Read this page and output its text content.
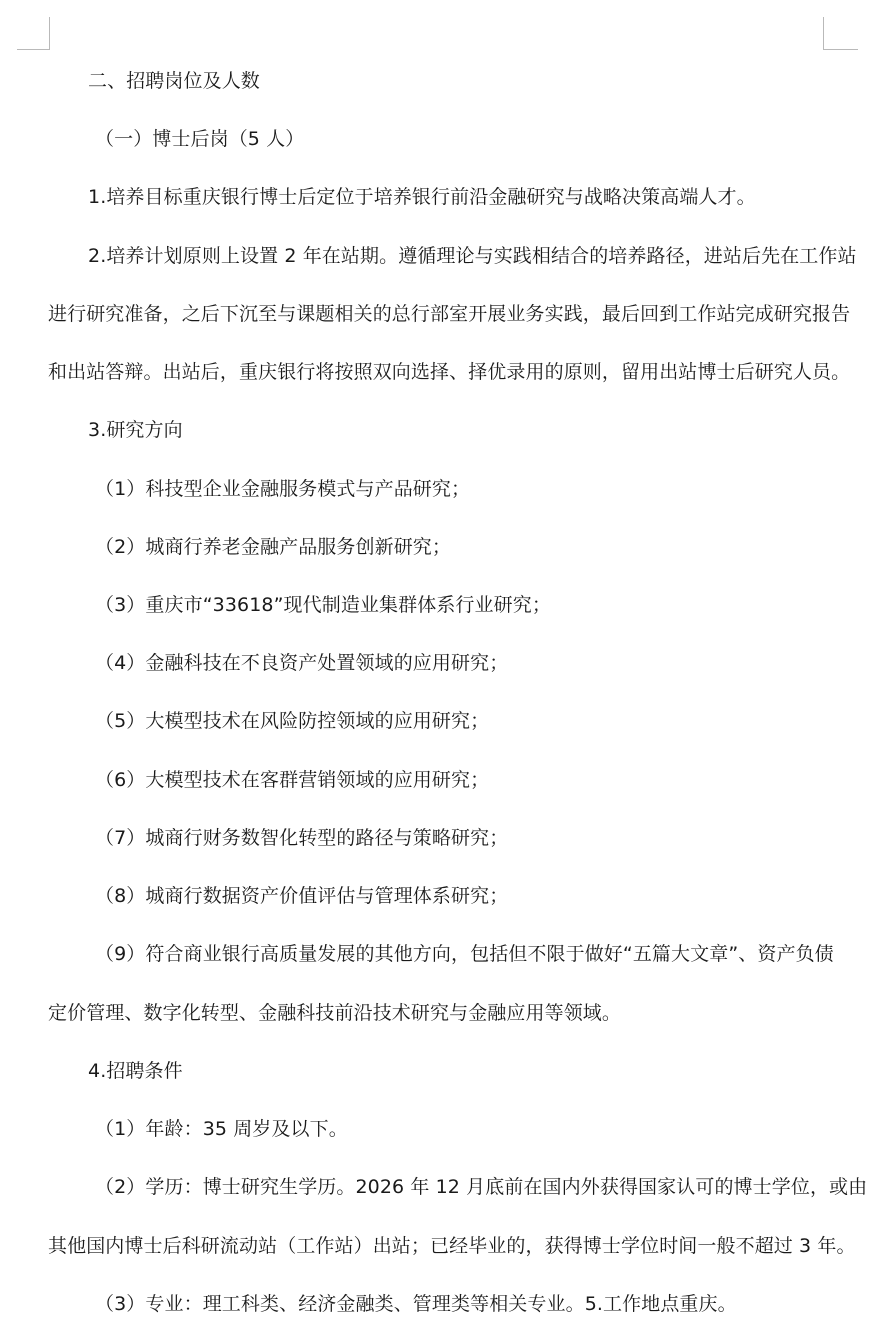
二、招聘岗位及人数
（一）博士后岗（5 人）
1.培养目标重庆银行博士后定位于培养银行前沿金融研究与战略决策高端人才。
2.培养计划原则上设置 2 年在站期。遵循理论与实践相结合的培养路径，进站后先在工作站
进行研究准备，之后下沉至与课题相关的总行部室开展业务实践，最后回到工作站完成研究报告
和出站答辩。出站后，重庆银行将按照双向选择、择优录用的原则，留用出站博士后研究人员。
3.研究方向
（1）科技型企业金融服务模式与产品研究；
（2）城商行养老金融产品服务创新研究；
（3）重庆市“33618”现代制造业集群体系行业研究；
（4）金融科技在不良资产处置领域的应用研究；
（5）大模型技术在风险防控领域的应用研究；
（6）大模型技术在客群营销领域的应用研究；
（7）城商行财务数智化转型的路径与策略研究；
（8）城商行数据资产价值评估与管理体系研究；
（9）符合商业银行高质量发展的其他方向，包括但不限于做好“五篇大文章”、资产负债
定价管理、数字化转型、金融科技前沿技术研究与金融应用等领域。
4.招聘条件
（1）年龄：35 周岁及以下。
（2）学历：博士研究生学历。2026 年 12 月底前在国内外获得国家认可的博士学位，或由
其他国内博士后科研流动站（工作站）出站；已经毕业的，获得博士学位时间一般不超过 3 年。
（3）专业：理工科类、经济金融类、管理类等相关专业。5.工作地点重庆。
